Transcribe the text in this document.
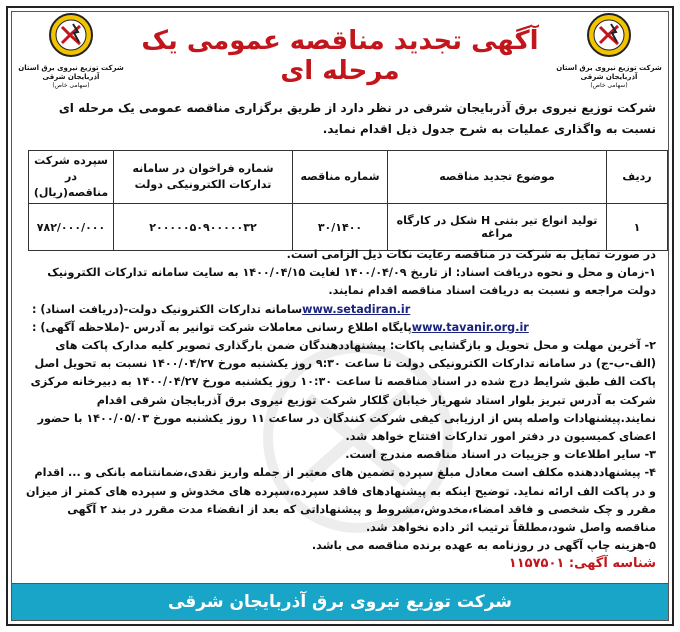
شرکت توزیع نیروی برق استان آذربایجان شرقی
(سهامی خاص)
آگهی تجدید مناقصه عمومی یک مرحله ای
شرکت توزیع نیروی برق استان آذربایجان شرقی
(سهامی خاص)
شرکت توزیع نیروی برق آذربایجان شرقی در نظر دارد از طریق برگزاری مناقصه عمومی یک مرحله ای نسبت به واگذاری عملیات به شرح جدول ذیل اقدام نماید.
ردیف	موضوع تجدید مناقصه	شماره مناقصه	شماره فراخوان در سامانه تدارکات الکترونیکی دولت	سپرده شرکت در مناقصه(ریال)
۱	تولید انواع تیر بتنی H شکل در کارگاه مراغه	۳۰/۱۴۰۰	۲۰۰۰۰۰۵۰۹۰۰۰۰۰۳۲	۷۸۲/۰۰۰/۰۰۰

در صورت تمایل به شرکت در مناقصه رعایت نکات ذیل الزامی است.

۱-زمان و محل و نحوه دریافت اسناد: از تاریخ ۱۴۰۰/۰۴/۰۹ لغایت ۱۴۰۰/۰۴/۱۵ به سایت سامانه تدارکات الکترونیک دولت مراجعه و نسبت به دریافت اسناد مناقصه اقدام نمایند.

سامانه تدارکات الکترونیک دولت-(دریافت اسناد) : www.setadiran.ir
پایگاه اطلاع رسانی معاملات شرکت توانیر به آدرس -(ملاحظه آگهی) : www.tavanir.org.ir

۲- آخرین مهلت و محل تحویل و بازگشایی پاکات: پیشنهاددهندگان ضمن بارگذاری تصویر کلیه مدارک پاکت های (الف-ب-ج) در سامانه تدارکات الکترونیکی دولت تا ساعت ۹:۳۰ روز یکشنبه مورخ ۱۴۰۰/۰۴/۲۷ نسبت به تحویل اصل پاکت الف طبق شرایط درج شده در اسناد مناقصه تا ساعت ۱۰:۳۰ روز یکشنبه مورخ ۱۴۰۰/۰۴/۲۷ به دبیرخانه مرکزی شرکت به آدرس تبریز بلوار استاد شهریار خیابان گلکار شرکت توزیع نیروی برق آذربایجان شرقی اقدام نمایند.پیشنهادات واصله پس از ارزیابی کیفی شرکت کنندگان در ساعت ۱۱ روز یکشنبه مورخ ۱۴۰۰/۰۵/۰۳ با حضور اعضای کمیسیون در دفتر امور تدارکات افتتاح خواهد شد.

۳- سایر اطلاعات و جزییات در اسناد مناقصه مندرج است.

۴- پیشنهاددهنده مکلف است معادل مبلغ سپرده تضمین های معتبر از جمله واریز نقدی،ضمانتنامه بانکی و ... اقدام و در پاکت الف ارائه نماید. توضیح اینکه به پیشنهادهای فاقد سپرده،سپرده های مخدوش و سپرده های کمتر از میزان مقرر و چک شخصی و فاقد امضاء،مخدوش،مشروط و پیشنهاداتی که بعد از انقضاء مدت مقرر در بند ۲ آگهی مناقصه واصل شود،مطلقاً ترتیب اثر داده نخواهد شد.

۵-هزینه چاپ آگهی در روزنامه به عهده برنده مناقصه می باشد.

شناسه آگهی: ۱۱۵۷۵۰۱

شرکت توزیع نیروی برق آذربایجان شرقی
